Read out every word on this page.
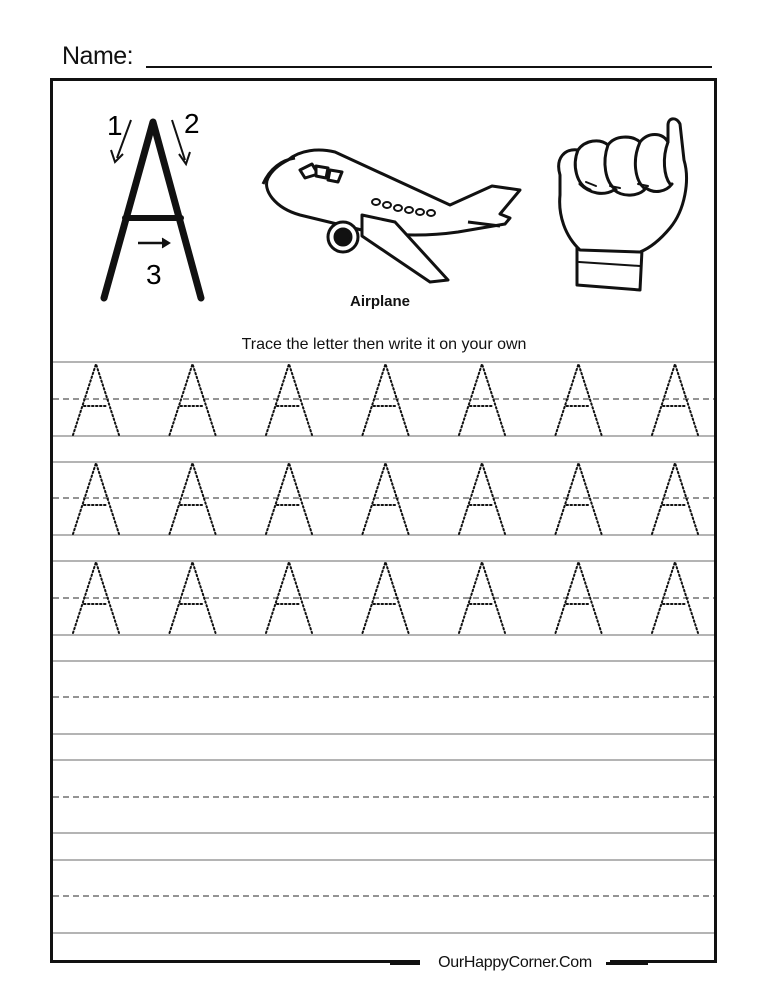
Name:
1 2
3
Airplane
Trace the letter then write it on your own
OurHappyCorner.Com
